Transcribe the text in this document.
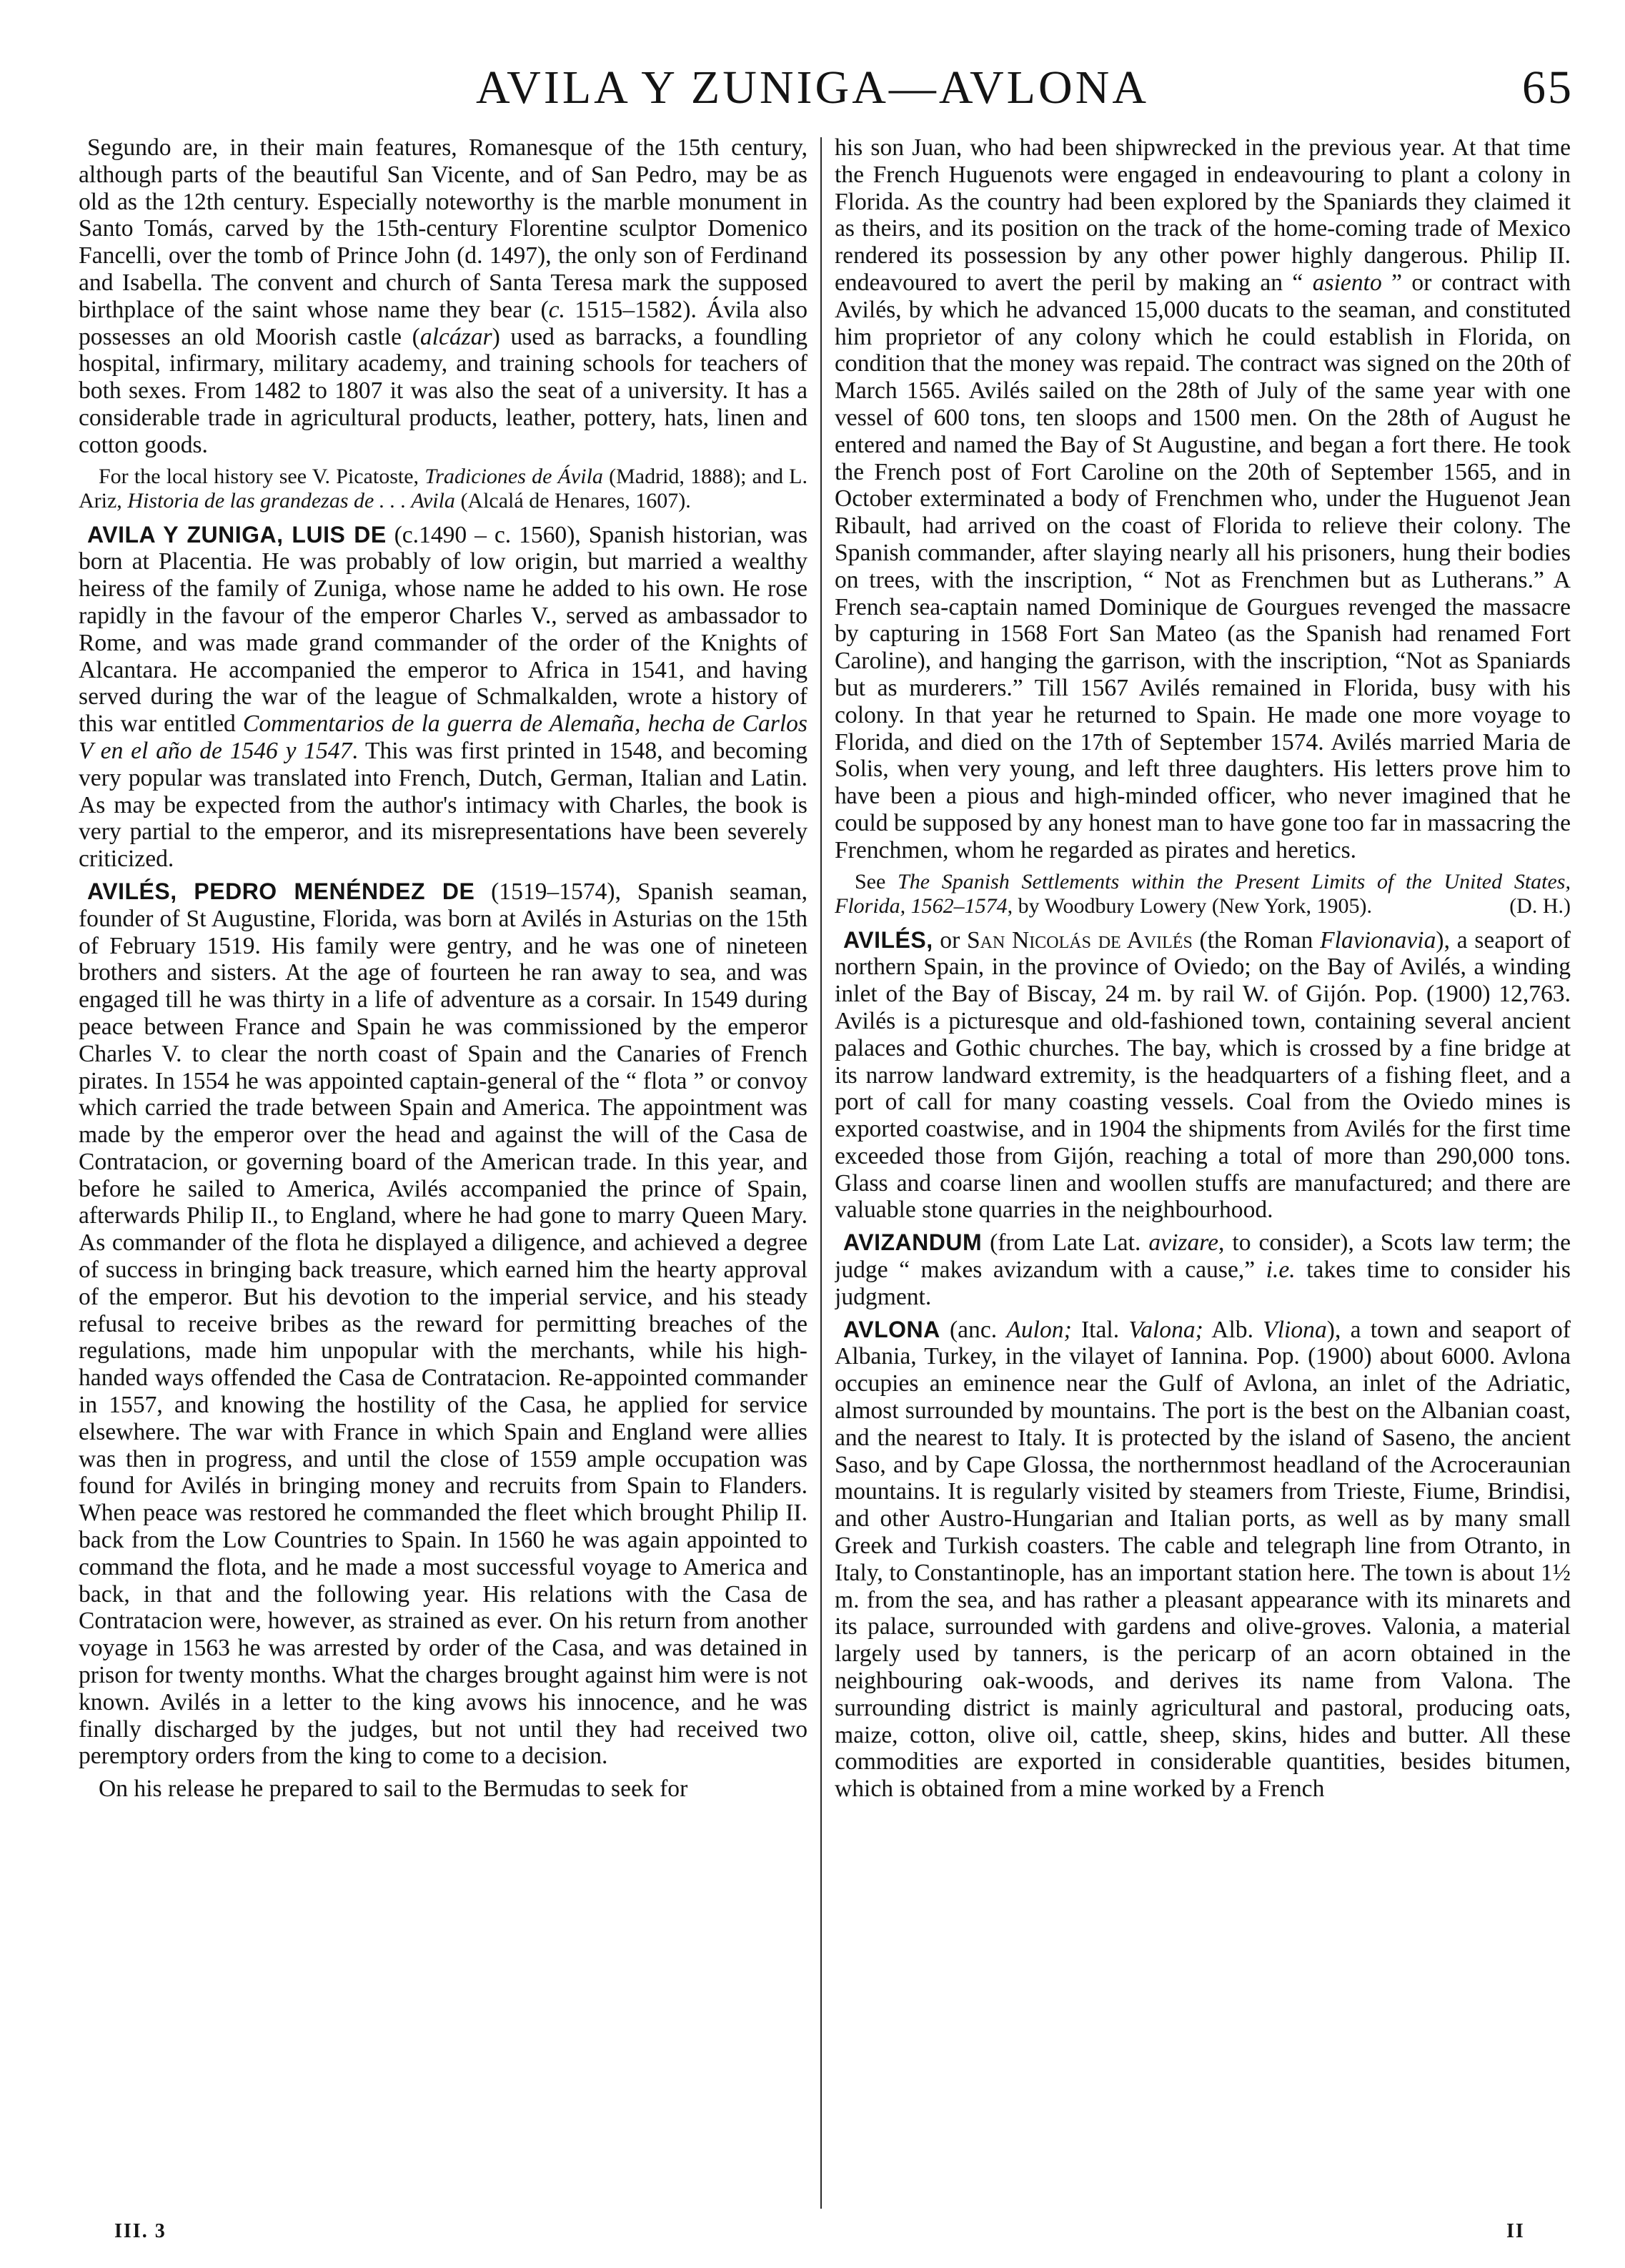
AVILA Y ZUNIGA—AVLONA	65

Segundo are, in their main features, Romanesque of the 15th century, although parts of the beautiful San Vicente, and of San Pedro, may be as old as the 12th century. Especially noteworthy is the marble monument in Santo Tomás, carved by the 15th-century Florentine sculptor Domenico Fancelli, over the tomb of Prince John (d. 1497), the only son of Ferdinand and Isabella. The convent and church of Santa Teresa mark the supposed birthplace of the saint whose name they bear (c. 1515–1582). Ávila also possesses an old Moorish castle (alcázar) used as barracks, a foundling hospital, infirmary, military academy, and training schools for teachers of both sexes. From 1482 to 1807 it was also the seat of a university. It has a considerable trade in agricultural products, leather, pottery, hats, linen and cotton goods.

For the local history see V. Picatoste, Tradiciones de Ávila (Madrid, 1888); and L. Ariz, Historia de las grandezas de . . . Avila (Alcalá de Henares, 1607).

AVILA Y ZUNIGA, LUIS DE (c.1490 – c. 1560), Spanish historian, was born at Placentia. He was probably of low origin, but married a wealthy heiress of the family of Zuniga, whose name he added to his own. He rose rapidly in the favour of the emperor Charles V., served as ambassador to Rome, and was made grand commander of the order of the Knights of Alcantara. He accompanied the emperor to Africa in 1541, and having served during the war of the league of Schmalkalden, wrote a history of this war entitled Commentarios de la guerra de Alemaña, hecha de Carlos V en el año de 1546 y 1547. This was first printed in 1548, and becoming very popular was translated into French, Dutch, German, Italian and Latin. As may be expected from the author's intimacy with Charles, the book is very partial to the emperor, and its misrepresentations have been severely criticized.

AVILÉS, PEDRO MENÉNDEZ DE (1519–1574), Spanish seaman, founder of St Augustine, Florida, was born at Avilés in Asturias on the 15th of February 1519. His family were gentry, and he was one of nineteen brothers and sisters. At the age of fourteen he ran away to sea, and was engaged till he was thirty in a life of adventure as a corsair. In 1549 during peace between France and Spain he was commissioned by the emperor Charles V. to clear the north coast of Spain and the Canaries of French pirates. In 1554 he was appointed captain-general of the “ flota ” or convoy which carried the trade between Spain and America. The appointment was made by the emperor over the head and against the will of the Casa de Contratacion, or governing board of the American trade. In this year, and before he sailed to America, Avilés accompanied the prince of Spain, afterwards Philip II., to England, where he had gone to marry Queen Mary. As commander of the flota he displayed a diligence, and achieved a degree of success in bringing back treasure, which earned him the hearty approval of the emperor. But his devotion to the imperial service, and his steady refusal to receive bribes as the reward for permitting breaches of the regulations, made him unpopular with the merchants, while his high-handed ways offended the Casa de Contratacion. Re-appointed commander in 1557, and knowing the hostility of the Casa, he applied for service elsewhere. The war with France in which Spain and England were allies was then in progress, and until the close of 1559 ample occupation was found for Avilés in bringing money and recruits from Spain to Flanders. When peace was restored he commanded the fleet which brought Philip II. back from the Low Countries to Spain. In 1560 he was again appointed to command the flota, and he made a most successful voyage to America and back, in that and the following year. His relations with the Casa de Contratacion were, however, as strained as ever. On his return from another voyage in 1563 he was arrested by order of the Casa, and was detained in prison for twenty months. What the charges brought against him were is not known. Avilés in a letter to the king avows his innocence, and he was finally discharged by the judges, but not until they had received two peremptory orders from the king to come to a decision.

On his release he prepared to sail to the Bermudas to seek for

his son Juan, who had been shipwrecked in the previous year. At that time the French Huguenots were engaged in endeavouring to plant a colony in Florida. As the country had been explored by the Spaniards they claimed it as theirs, and its position on the track of the home-coming trade of Mexico rendered its possession by any other power highly dangerous. Philip II. endeavoured to avert the peril by making an “ asiento ” or contract with Avilés, by which he advanced 15,000 ducats to the seaman, and constituted him proprietor of any colony which he could establish in Florida, on condition that the money was repaid. The contract was signed on the 20th of March 1565. Avilés sailed on the 28th of July of the same year with one vessel of 600 tons, ten sloops and 1500 men. On the 28th of August he entered and named the Bay of St Augustine, and began a fort there. He took the French post of Fort Caroline on the 20th of September 1565, and in October exterminated a body of Frenchmen who, under the Huguenot Jean Ribault, had arrived on the coast of Florida to relieve their colony. The Spanish commander, after slaying nearly all his prisoners, hung their bodies on trees, with the inscription, “ Not as Frenchmen but as Lutherans.” A French sea-captain named Dominique de Gourgues revenged the massacre by capturing in 1568 Fort San Mateo (as the Spanish had renamed Fort Caroline), and hanging the garrison, with the inscription, “Not as Spaniards but as murderers.” Till 1567 Avilés remained in Florida, busy with his colony. In that year he returned to Spain. He made one more voyage to Florida, and died on the 17th of September 1574. Avilés married Maria de Solis, when very young, and left three daughters. His letters prove him to have been a pious and high-minded officer, who never imagined that he could be supposed by any honest man to have gone too far in massacring the Frenchmen, whom he regarded as pirates and heretics.

See The Spanish Settlements within the Present Limits of the United States, Florida, 1562–1574, by Woodbury Lowery (New York, 1905).	(D. H.)

AVILÉS, or San Nicolás de Avilés (the Roman Flavionavia), a seaport of northern Spain, in the province of Oviedo; on the Bay of Avilés, a winding inlet of the Bay of Biscay, 24 m. by rail W. of Gijón. Pop. (1900) 12,763. Avilés is a picturesque and old-fashioned town, containing several ancient palaces and Gothic churches. The bay, which is crossed by a fine bridge at its narrow landward extremity, is the headquarters of a fishing fleet, and a port of call for many coasting vessels. Coal from the Oviedo mines is exported coastwise, and in 1904 the shipments from Avilés for the first time exceeded those from Gijón, reaching a total of more than 290,000 tons. Glass and coarse linen and woollen stuffs are manufactured; and there are valuable stone quarries in the neighbourhood.

AVIZANDUM (from Late Lat. avizare, to consider), a Scots law term; the judge “ makes avizandum with a cause,” i.e. takes time to consider his judgment.

AVLONA (anc. Aulon; Ital. Valona; Alb. Vliona), a town and seaport of Albania, Turkey, in the vilayet of Iannina. Pop. (1900) about 6000. Avlona occupies an eminence near the Gulf of Avlona, an inlet of the Adriatic, almost surrounded by mountains. The port is the best on the Albanian coast, and the nearest to Italy. It is protected by the island of Saseno, the ancient Saso, and by Cape Glossa, the northernmost headland of the Acroceraunian mountains. It is regularly visited by steamers from Trieste, Fiume, Brindisi, and other Austro-Hungarian and Italian ports, as well as by many small Greek and Turkish coasters. The cable and telegraph line from Otranto, in Italy, to Constantinople, has an important station here. The town is about 1½ m. from the sea, and has rather a pleasant appearance with its minarets and its palace, surrounded with gardens and olive-groves. Valonia, a material largely used by tanners, is the pericarp of an acorn obtained in the neighbouring oak-woods, and derives its name from Valona. The surrounding district is mainly agricultural and pastoral, producing oats, maize, cotton, olive oil, cattle, sheep, skins, hides and butter. All these commodities are exported in considerable quantities, besides bitumen, which is obtained from a mine worked by a French

III. 3	II
